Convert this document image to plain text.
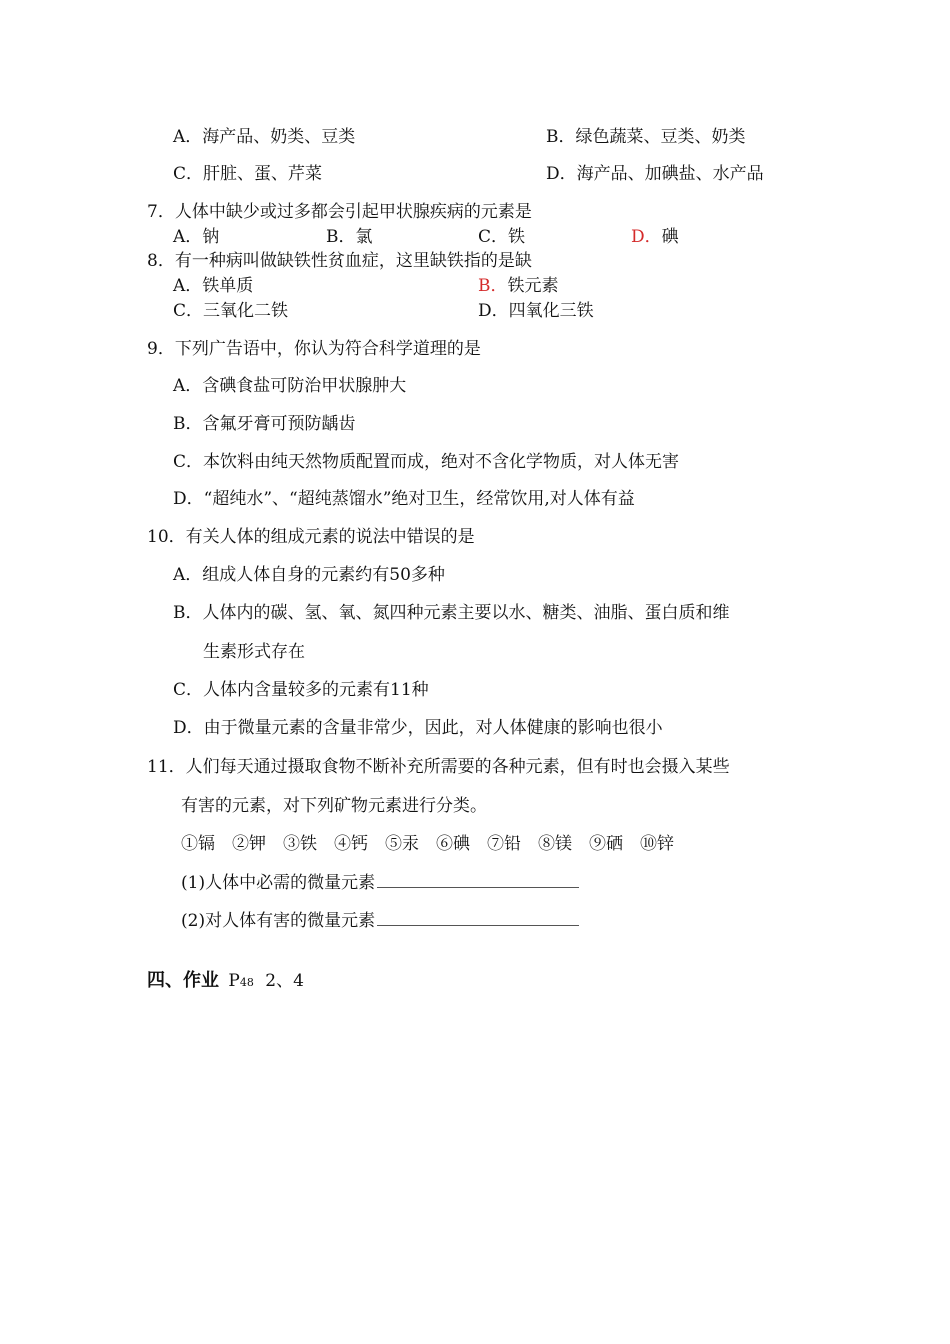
A．海产品、奶类、豆类	B．绿色蔬菜、豆类、奶类
C．肝脏、蛋、芹菜	D．海产品、加碘盐、水产品
7．人体中缺少或过多都会引起甲状腺疾病的元素是
A．钠	B．氯	C．铁	D．碘
8．有一种病叫做缺铁性贫血症，这里缺铁指的是缺
A．铁单质	B．铁元素
C．三氧化二铁	D．四氧化三铁
9．下列广告语中，你认为符合科学道理的是
A．含碘食盐可防治甲状腺肿大
B．含氟牙膏可预防龋齿
C．本饮料由纯天然物质配置而成，绝对不含化学物质，对人体无害
D．“超纯水”、“超纯蒸馏水”绝对卫生，经常饮用,对人体有益
10．有关人体的组成元素的说法中错误的是
A．组成人体自身的元素约有50多种
B．人体内的碳、氢、氧、氮四种元素主要以水、糖类、油脂、蛋白质和维
生素形式存在
C．人体内含量较多的元素有11种
D．由于微量元素的含量非常少，因此，对人体健康的影响也很小
11．人们每天通过摄取食物不断补充所需要的各种元素，但有时也会摄入某些
有害的元素，对下列矿物元素进行分类。
①镉　②钾　③铁　④钙　⑤汞　⑥碘　⑦铅　⑧镁　⑨硒　⑩锌
(1)人体中必需的微量元素
(2)对人体有害的微量元素
四、作业 P48 2、4
